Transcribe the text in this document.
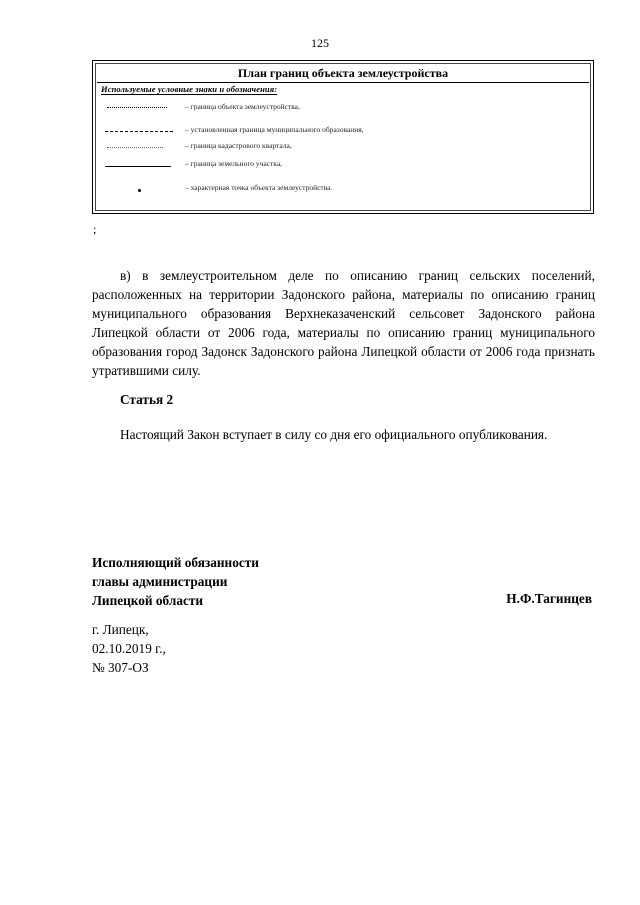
125
План границ объекта землеустройства
Используемые условные знаки и обозначения:
– граница объекта землеустройства,
– установленная граница муниципального образования,
– граница кадастрового квартала,
– граница земельного участка,
– характерная точка объекта землеустройства.
;

в) в землеустроительном деле по описанию границ сельских поселений, расположенных на территории Задонского района, материалы по описанию границ муниципального образования Верхнеказаченский сельсовет Задонского района Липецкой области от 2006 года, материалы по описанию границ муниципального образования город Задонск Задонского района Липецкой области от 2006 года признать утратившими силу.

Статья 2

Настоящий Закон вступает в силу со дня его официального опубликования.

Исполняющий обязанности
главы администрации
Липецкой области	Н.Ф.Тагинцев
г. Липецк,
02.10.2019 г.,
№ 307-ОЗ
